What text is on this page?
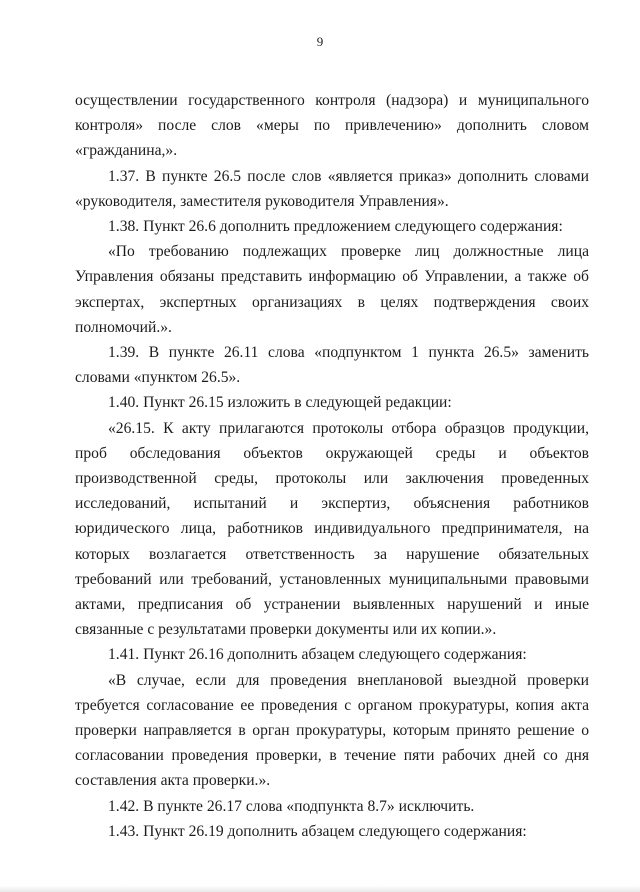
9

осуществлении государственного контроля (надзора) и муниципального контроля» после слов «меры по привлечению» дополнить словом «гражданина,».

1.37. В пункте 26.5 после слов «является приказ» дополнить словами «руководителя, заместителя руководителя Управления».

1.38. Пункт 26.6 дополнить предложением следующего содержания:

«По требованию подлежащих проверке лиц должностные лица Управления обязаны представить информацию об Управлении, а также об экспертах, экспертных организациях в целях подтверждения своих полномочий.».

1.39. В пункте 26.11 слова «подпунктом 1 пункта 26.5» заменить словами «пунктом 26.5».

1.40. Пункт 26.15 изложить в следующей редакции:

«26.15. К акту прилагаются протоколы отбора образцов продукции, проб обследования объектов окружающей среды и объектов производственной среды, протоколы или заключения проведенных исследований, испытаний и экспертиз, объяснения работников юридического лица, работников индивидуального предпринимателя, на которых возлагается ответственность за нарушение обязательных требований или требований, установленных муниципальными правовыми актами, предписания об устранении выявленных нарушений и иные связанные с результатами проверки документы или их копии.».

1.41. Пункт 26.16 дополнить абзацем следующего содержания:

«В случае, если для проведения внеплановой выездной проверки требуется согласование ее проведения с органом прокуратуры, копия акта проверки направляется в орган прокуратуры, которым принято решение о согласовании проведения проверки, в течение пяти рабочих дней со дня составления акта проверки.».

1.42. В пункте 26.17 слова «подпункта 8.7» исключить.

1.43. Пункт 26.19 дополнить абзацем следующего содержания:
